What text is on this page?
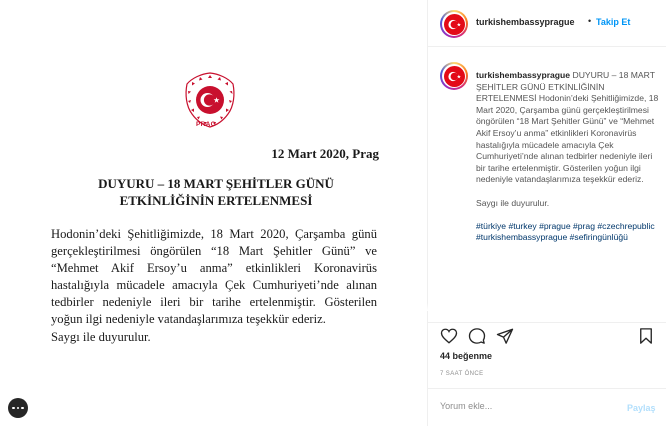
PRAG
12 Mart 2020, Prag
DUYURU – 18 MART ŞEHİTLER GÜNÜ
ETKİNLİĞİNİN ERTELENMESİ
Hodonin’deki Şehitliğimizde, 18 Mart 2020, Çarşamba günü
gerçekleştirilmesi öngörülen “18 Mart Şehitler Günü” ve
“Mehmet Akif Ersoy’u anma” etkinlikleri Koronavirüs
hastalığıyla mücadele amacıyla Çek Cumhuriyeti’nde alınan
tedbirler nedeniyle ileri bir tarihe ertelenmiştir. Gösterilen
yoğun ilgi nedeniyle vatandaşlarımıza teşekkür ederiz.
Saygı ile duyurulur.
turkishembassyprague • Takip Et

turkishembassyprague DUYURU – 18 MART ŞEHİTLER GÜNÜ ETKİNLİĞİNİN ERTELENMESİ Hodonin’deki Şehitliğimizde, 18 Mart 2020, Çarşamba günü gerçekleştirilmesi öngörülen “18 Mart Şehitler Günü” ve “Mehmet Akif Ersoy’u anma” etkinlikleri Koronavirüs hastalığıyla mücadele amacıyla Çek Cumhuriyeti’nde alınan tedbirler nedeniyle ileri bir tarihe ertelenmiştir. Gösterilen yoğun ilgi nedeniyle vatandaşlarımıza teşekkür ederiz.

Saygı ile duyurulur.

#türkiye #turkey #prague #prag #czechrepublic #turkishembassyprague #sefiringünlüğü

44 beğenme
7 SAAT ÖNCE
Yorum ekle...
Paylaş
